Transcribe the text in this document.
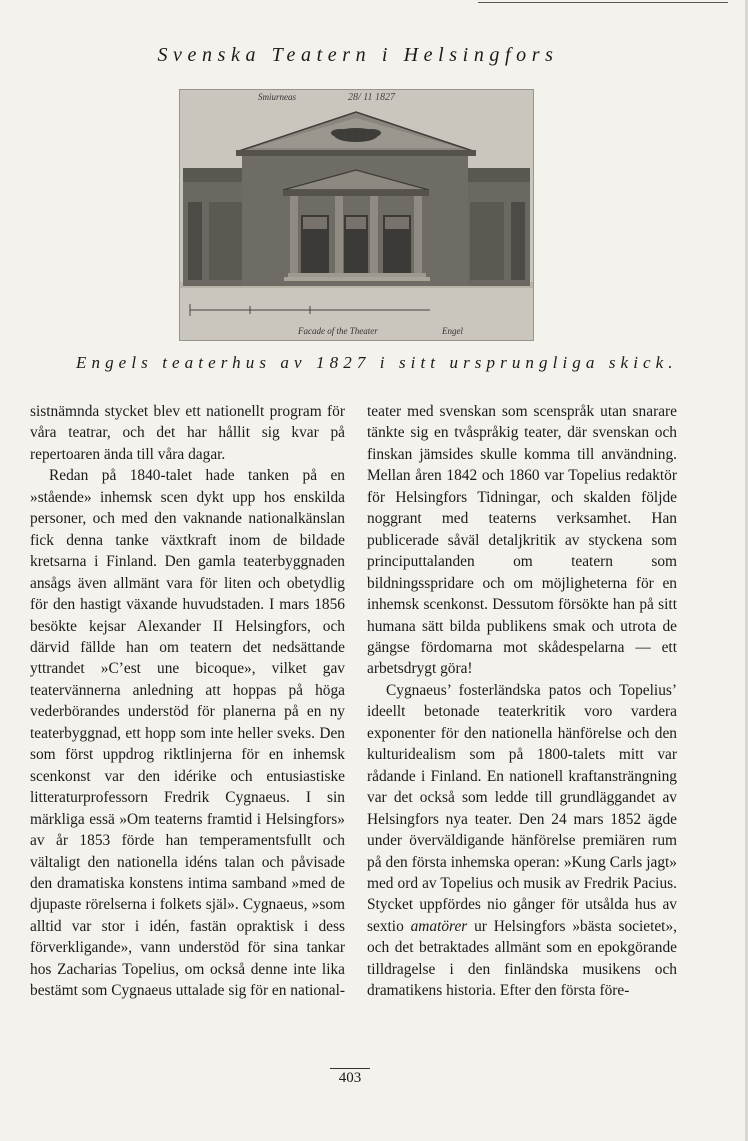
Svenska Teatern i Helsingfors
Smiurneas	28/ 11 1827
Facade of the Theater	Engel
Engels teaterhus av 1827 i sitt ursprungliga skick.

sistnämnda stycket blev ett nationellt program för våra teatrar, och det har hållit sig kvar på repertoaren ända till våra dagar.

Redan på 1840-talet hade tanken på en »stående» inhemsk scen dykt upp hos enskilda personer, och med den vaknande nationalkänslan fick denna tanke växtkraft inom de bildade kretsarna i Finland. Den gamla teaterbyggnaden ansågs även allmänt vara för liten och obetydlig för den hastigt växande huvudstaden. I mars 1856 besökte kejsar Alexander II Helsingfors, och därvid fällde han om teatern det nedsättande yttrandet »C’est une bicoque», vilket gav teatervännerna anledning att hoppas på höga vederbörandes understöd för planerna på en ny teaterbyggnad, ett hopp som inte heller sveks. Den som först uppdrog riktlinjerna för en inhemsk scenkonst var den idérike och entusiastiske litteraturprofessorn Fredrik Cygnaeus. I sin märkliga essä »Om teaterns framtid i Helsingfors» av år 1853 förde han temperamentsfullt och vältaligt den nationella idéns talan och påvisade den dramatiska konstens intima samband »med de djupaste rörelserna i folkets själ». Cygnaeus, »som alltid var stor i idén, fastän opraktisk i dess förverkligande», vann understöd för sina tankar hos Zacharias Topelius, om också denne inte lika bestämt som Cygnaeus uttalade sig för en national-

teater med svenskan som scenspråk utan snarare tänkte sig en tvåspråkig teater, där svenskan och finskan jämsides skulle komma till användning. Mellan åren 1842 och 1860 var Topelius redaktör för Helsingfors Tidningar, och skalden följde noggrant med teaterns verksamhet. Han publicerade såväl detaljkritik av styckena som principuttalanden om teatern som bildningsspridare och om möjligheterna för en inhemsk scenkonst. Dessutom försökte han på sitt humana sätt bilda publikens smak och utrota de gängse fördomarna mot skådespelarna — ett arbetsdrygt göra!

Cygnaeus’ fosterländska patos och Topelius’ ideellt betonade teaterkritik voro vardera exponenter för den nationella hänförelse och den kulturidealism som på 1800-talets mitt var rådande i Finland. En nationell kraftansträngning var det också som ledde till grundläggandet av Helsingfors nya teater. Den 24 mars 1852 ägde under överväldigande hänförelse premiären rum på den första inhemska operan: »Kung Carls jagt» med ord av Topelius och musik av Fredrik Pacius. Stycket uppfördes nio gånger för utsålda hus av sextio amatörer ur Helsingfors »bästa societet», och det betraktades allmänt som en epokgörande tilldragelse i den finländska musikens och dramatikens historia. Efter den första före-

403
